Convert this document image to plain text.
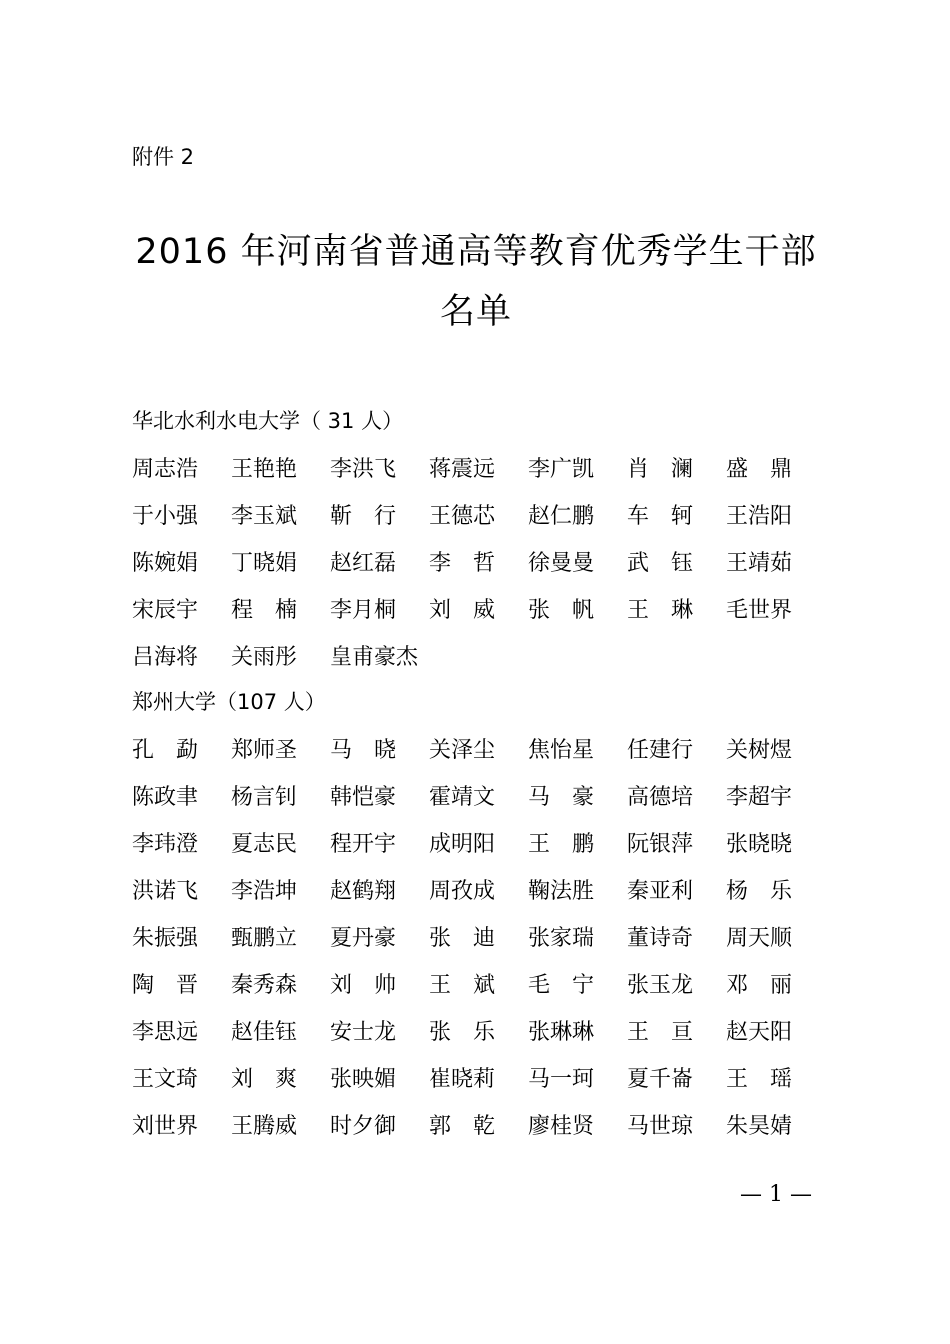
附件 2
2016 年河南省普通高等教育优秀学生干部名单
华北水利水电大学（ 31 人）
周志浩	王艳艳	李洪飞	蒋震远	李广凯	肖　澜	盛　鼎
于小强	李玉斌	靳　行	王德芯	赵仁鹏	车　轲	王浩阳
陈婉娟	丁晓娟	赵红磊	李　哲	徐曼曼	武　钰	王靖茹
宋辰宇	程　楠	李月桐	刘　威	张　帆	王　琳	毛世界
吕海将	关雨彤	皇甫豪杰
郑州大学（107 人）
孔　勐	郑师圣	马　晓	关泽尘	焦怡星	任建行	关树煜
陈政聿	杨言钊	韩恺豪	霍靖文	马　豪	高德培	李超宇
李玮澄	夏志民	程开宇	成明阳	王　鹏	阮银萍	张晓晓
洪诺飞	李浩坤	赵鹤翔	周孜成	鞠法胜	秦亚利	杨　乐
朱振强	甄鹏立	夏丹豪	张　迪	张家瑞	董诗奇	周天顺
陶　晋	秦秀森	刘　帅	王　斌	毛　宁	张玉龙	邓　丽
李思远	赵佳钰	安士龙	张　乐	张琳琳	王　亘	赵天阳
王文琦	刘　爽	张映媚	崔晓莉	马一珂	夏千崙	王　瑶
刘世界	王腾威	时夕御	郭　乾	廖桂贤	马世琼	朱昊婧
— 1 —
